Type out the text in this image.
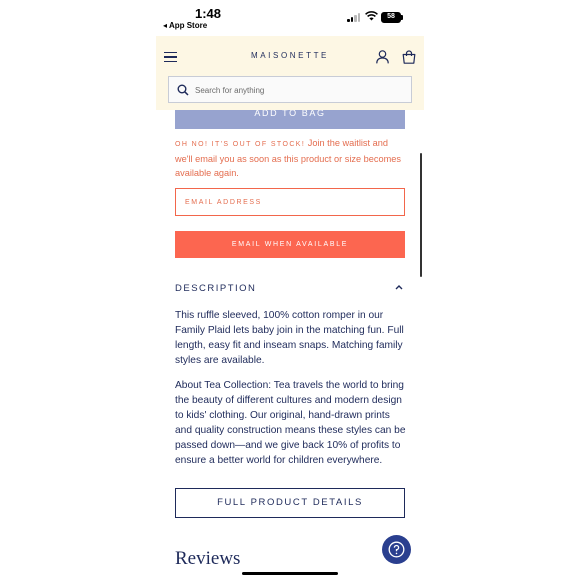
1:48
◂ App Store
58
ADD TO BAG
OH NO! IT'S OUT OF STOCK! Join the waitlist and we'll email you as soon as this product or size becomes available again.
EMAIL ADDRESS
EMAIL WHEN AVAILABLE
DESCRIPTION

This ruffle sleeved, 100% cotton romper in our Family Plaid lets baby join in the matching fun. Full length, easy fit and inseam snaps. Matching family styles are available.

About Tea Collection: Tea travels the world to bring the beauty of different cultures and modern design to kids' clothing. Our original, hand-drawn prints and quality construction means these styles can be passed down—and we give back 10% of profits to ensure a better world for children everywhere.

FULL PRODUCT DETAILS
Reviews
MAISONETTE
Search for anything
